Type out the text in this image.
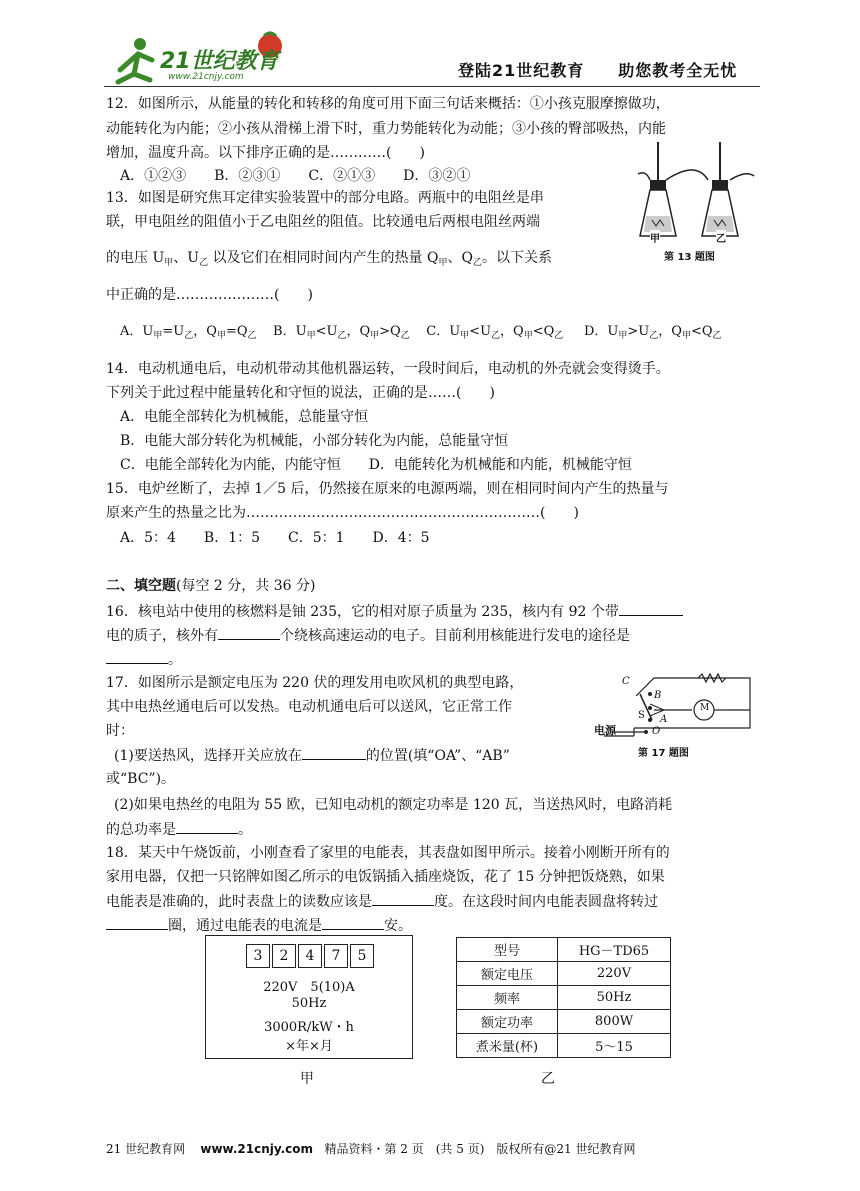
21世纪教育
www.21cnjy.com	登陆21世纪教育　　助您教考全无忧
12．如图所示，从能量的转化和转移的角度可用下面三句话来概括：①小孩克服摩擦做功，
动能转化为内能；②小孩从滑梯上滑下时，重力势能转化为动能；③小孩的臀部吸热，内能
增加，温度升高。以下排序正确的是…………(　　)
A．①②③　　B．②③①　　C．②①③　　D．③②①
甲	乙
第 13 题图
13．如图是研究焦耳定律实验装置中的部分电路。两瓶中的电阻丝是串
联，甲电阻丝的阻值小于乙电阻丝的阻值。比较通电后两根电阻丝两端
的电压 $U_甲$、$U_乙$ 以及它们在相同时间内产生的热量 $Q_甲$、$Q_乙$。以下关系
中正确的是…………………(　　)
A．$U_甲=U_乙$，$Q_甲=Q_乙$ B．$U_甲<U_乙$，$Q_甲>Q_乙$ C．$U_甲<U_乙$，$Q_甲<Q_乙$ D．$U_甲>U_乙$，$Q_甲<Q_乙$
14．电动机通电后，电动机带动其他机器运转，一段时间后，电动机的外壳就会变得烫手。
下列关于此过程中能量转化和守恒的说法，正确的是……(　　)
A．电能全部转化为机械能，总能量守恒
B．电能大部分转化为机械能，小部分转化为内能，总能量守恒
C．电能全部转化为内能，内能守恒　　D．电能转化为机械能和内能，机械能守恒
15．电炉丝断了，去掉 1／5 后，仍然接在原来的电源两端，则在相同时间内产生的热量与
原来产生的热量之比为………………………………………………………(　　)
A．5：4　　B．1：5　　C．5：1　　D．4：5
二、填空题(每空 2 分，共 36 分)
16．核电站中使用的核燃料是铀 235，它的相对原子质量为 235，核内有 92 个带
电的质子，核外有	个绕核高速运动的电子。目前利用核能进行发电的途径是
。
C
B
A
S
O
M
电源
第 17 题图
17．如图所示是额定电压为 220 伏的理发用电吹风机的典型电路，
其中电热丝通电后可以发热。电动机通电后可以送风，它正常工作
时：
(1)要送热风，选择开关应放在	的位置(填“OA”、“AB”
或“BC”)。
(2)如果电热丝的电阻为 55 欧，已知电动机的额定功率是 120 瓦，当送热风时，电路消耗
的总功率是	。
18．某天中午烧饭前，小刚查看了家里的电能表，其表盘如图甲所示。接着小刚断开所有的
家用电器，仅把一只铭牌如图乙所示的电饭锅插入插座烧饭，花了 15 分钟把饭烧熟，如果
电能表是准确的，此时表盘上的读数应该是	度。在这段时间内电能表圆盘将转过
圈，通过电能表的电流是	安。
3	2	4	7	5
220V　5(10)A
50Hz
3000R/kW・h
×年×月
甲
型号	HG－TD65
额定电压	220V
频率	50Hz
额定功率	800W
煮米量(杯)	5～15
乙
21 世纪教育网 www.21cnjy.com 精品资料・第 2 页　(共 5 页)　版权所有@21 世纪教育网
